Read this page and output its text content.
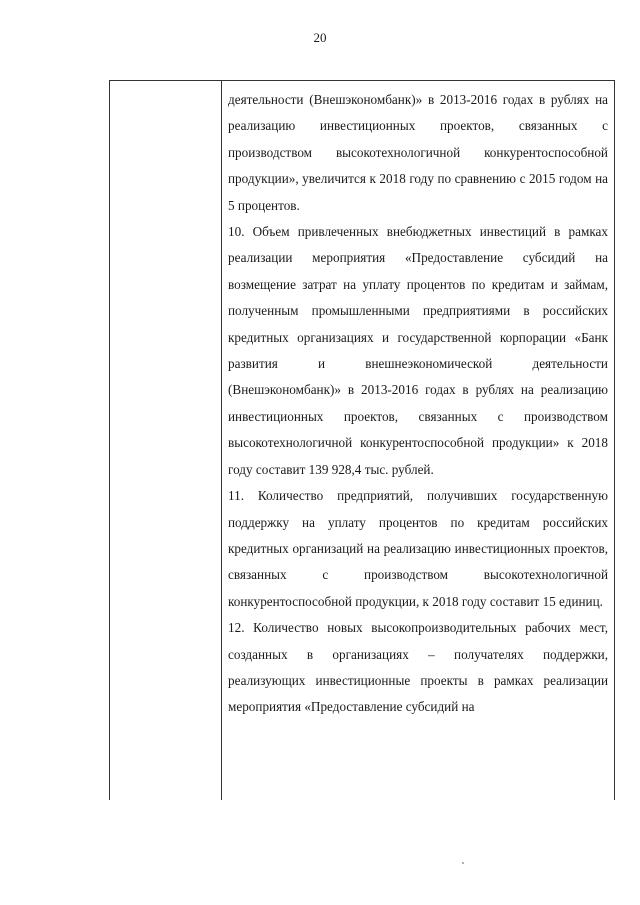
20

деятельности (Внешэкономбанк)» в 2013-2016 годах в рублях на реализацию инвестиционных проектов, связанных с производством высокотехнологичной конкурентоспособной продукции», увеличится к 2018 году по сравнению с 2015 годом на 5 процентов.

10. Объем привлеченных внебюджетных инвестиций в рамках реализации мероприятия «Предоставление субсидий на возмещение затрат на уплату процентов по кредитам и займам, полученным промышленными предприятиями в российских кредитных организациях и государственной корпорации «Банк развития и внешнеэкономической деятельности (Внешэкономбанк)» в 2013-2016 годах в рублях на реализацию инвестиционных проектов, связанных с производством высокотехнологичной конкурентоспособной продукции» к 2018 году составит 139 928,4 тыс. рублей.

11. Количество предприятий, получивших государственную поддержку на уплату процентов по кредитам российских кредитных организаций на реализацию инвестиционных проектов, связанных с производством высокотехнологичной конкурентоспособной продукции, к 2018 году составит 15 единиц.

12. Количество новых высокопроизводительных рабочих мест, созданных в организациях – получателях поддержки, реализующих инвестиционные проекты в рамках реализации мероприятия «Предоставление субсидий на
